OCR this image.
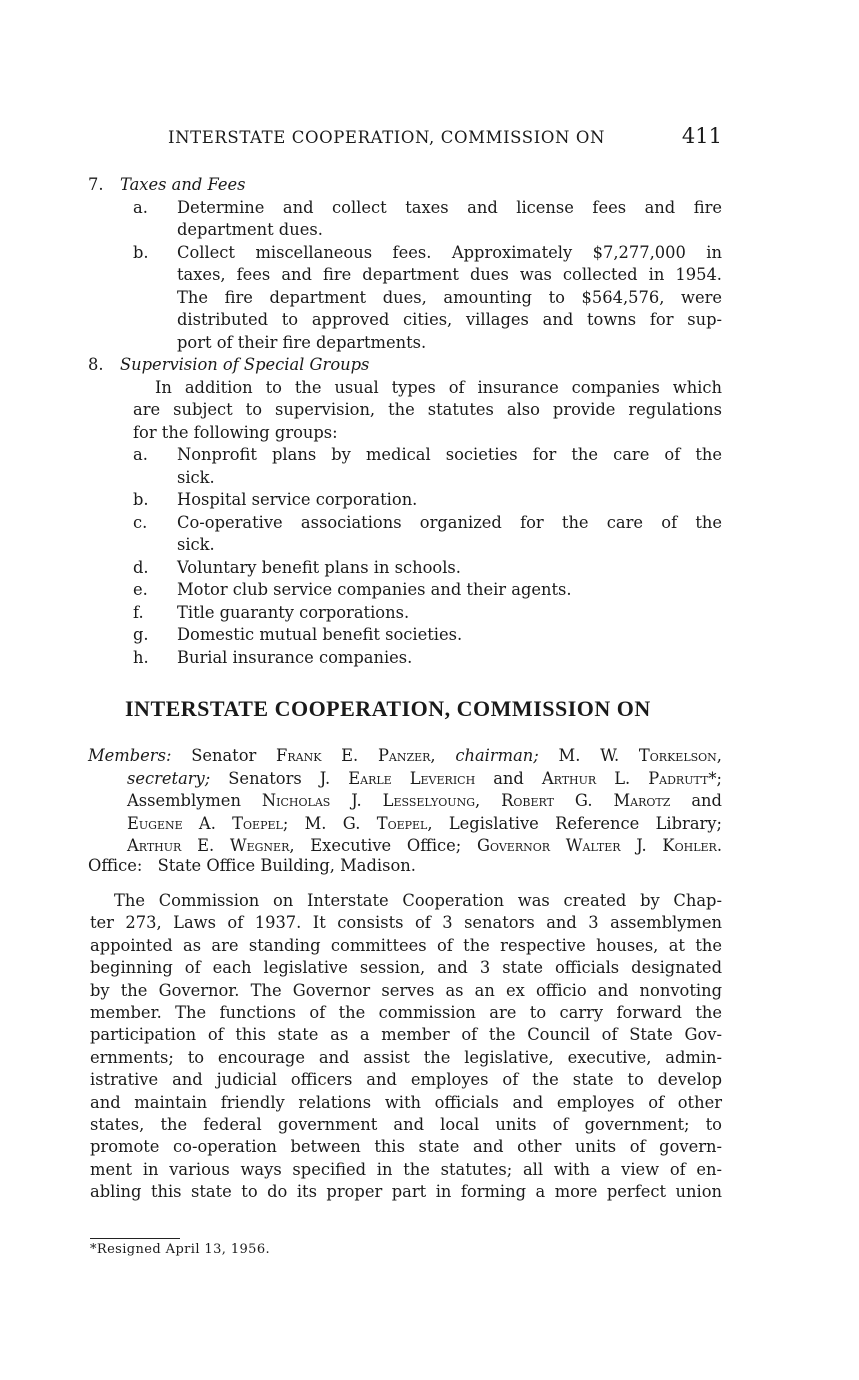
INTERSTATE COOPERATION, COMMISSION ON	411
7. Taxes and Fees
a. Determine and collect taxes and license fees and fire
department dues.
b. Collect miscellaneous fees. Approximately $7,277,000 in
taxes, fees and fire department dues was collected in 1954.
The fire department dues, amounting to $564,576, were
distributed to approved cities, villages and towns for sup-
port of their fire departments.
8. Supervision of Special Groups
In addition to the usual types of insurance companies which
are subject to supervision, the statutes also provide regulations
for the following groups:
a. Nonprofit plans by medical societies for the care of the
sick.
b. Hospital service corporation.
c. Co-operative associations organized for the care of the
sick.
d. Voluntary benefit plans in schools.
e. Motor club service companies and their agents.
f. Title guaranty corporations.
g. Domestic mutual benefit societies.
h. Burial insurance companies.
INTERSTATE COOPERATION, COMMISSION ON
Members: Senator Frank E. Panzer, chairman; M. W. Torkelson,
secretary; Senators J. Earle Leverich and Arthur L. Padrutt*;
Assemblymen Nicholas J. Lesselyoung, Robert G. Marotz and
Eugene A. Toepel; M. G. Toepel, Legislative Reference Library;
Arthur E. Wegner, Executive Office; Governor Walter J. Kohler.
Office: State Office Building, Madison.
The Commission on Interstate Cooperation was created by Chap-
ter 273, Laws of 1937. It consists of 3 senators and 3 assemblymen
appointed as are standing committees of the respective houses, at the
beginning of each legislative session, and 3 state officials designated
by the Governor. The Governor serves as an ex officio and nonvoting
member. The functions of the commission are to carry forward the
participation of this state as a member of the Council of State Gov-
ernments; to encourage and assist the legislative, executive, admin-
istrative and judicial officers and employes of the state to develop
and maintain friendly relations with officials and employes of other
states, the federal government and local units of government; to
promote co-operation between this state and other units of govern-
ment in various ways specified in the statutes; all with a view of en-
abling this state to do its proper part in forming a more perfect union
*Resigned April 13, 1956.
